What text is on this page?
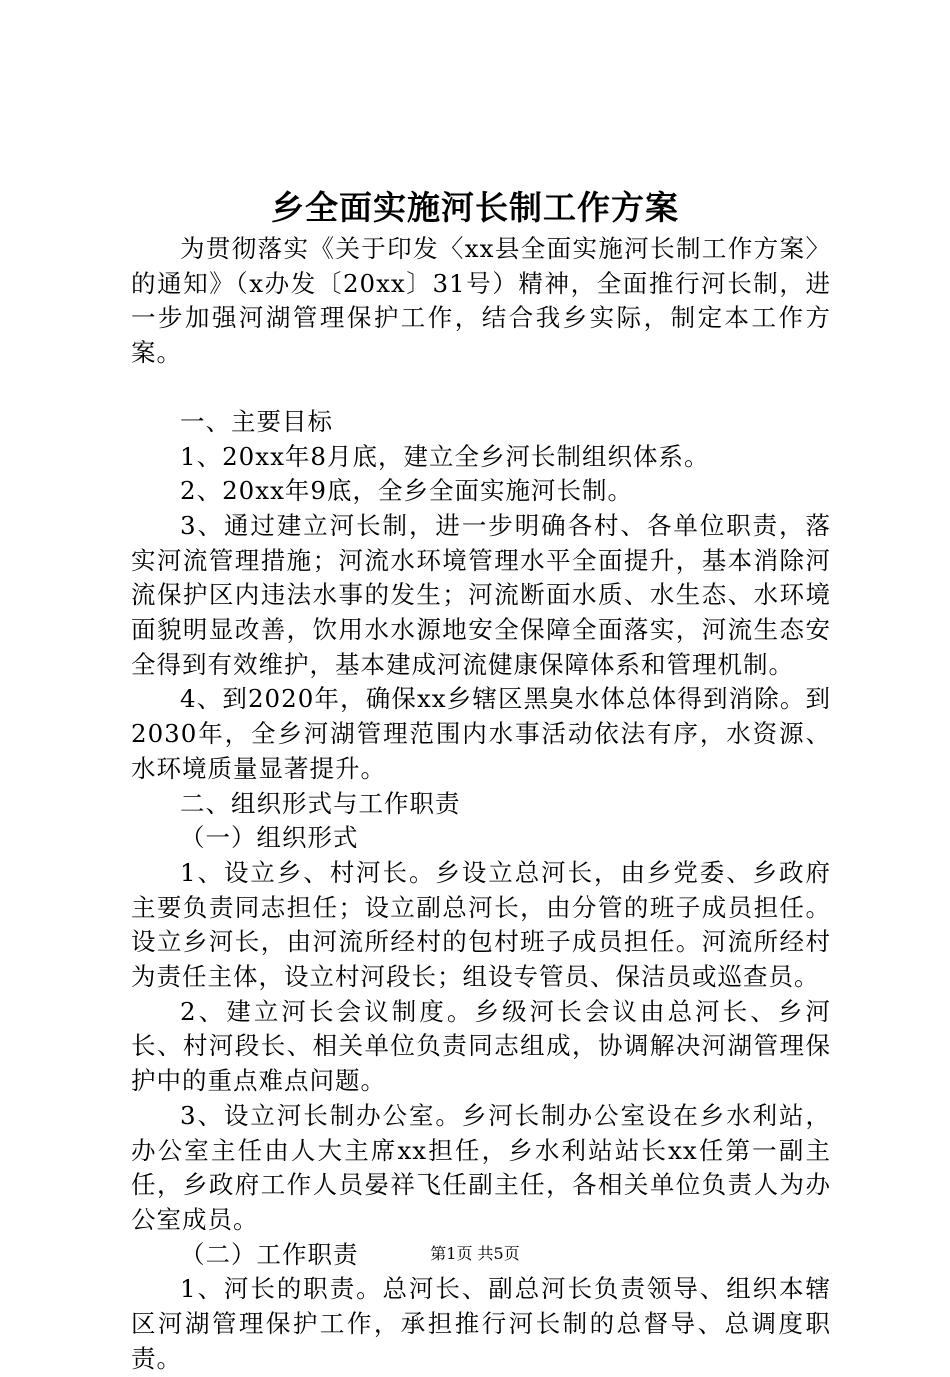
乡全面实施河长制工作方案

为贯彻落实《关于印发〈xx县全面实施河长制工作方案〉的通知》（x办发〔20xx〕31号）精神，全面推行河长制，进一步加强河湖管理保护工作，结合我乡实际，制定本工作方案。

一、主要目标

1、20xx年8月底，建立全乡河长制组织体系。

2、20xx年9底，全乡全面实施河长制。

3、通过建立河长制，进一步明确各村、各单位职责，落实河流管理措施；河流水环境管理水平全面提升，基本消除河流保护区内违法水事的发生；河流断面水质、水生态、水环境面貌明显改善，饮用水水源地安全保障全面落实，河流生态安全得到有效维护，基本建成河流健康保障体系和管理机制。

4、到2020年，确保xx乡辖区黑臭水体总体得到消除。到2030年，全乡河湖管理范围内水事活动依法有序，水资源、水环境质量显著提升。

二、组织形式与工作职责

（一）组织形式

1、设立乡、村河长。乡设立总河长，由乡党委、乡政府主要负责同志担任；设立副总河长，由分管的班子成员担任。设立乡河长，由河流所经村的包村班子成员担任。河流所经村为责任主体，设立村河段长；组设专管员、保洁员或巡查员。

2、建立河长会议制度。乡级河长会议由总河长、乡河长、村河段长、相关单位负责同志组成，协调解决河湖管理保护中的重点难点问题。

3、设立河长制办公室。乡河长制办公室设在乡水利站，办公室主任由人大主席xx担任，乡水利站站长xx任第一副主任，乡政府工作人员晏祥飞任副主任，各相关单位负责人为办公室成员。

（二）工作职责

1、河长的职责。总河长、副总河长负责领导、组织本辖区河湖管理保护工作，承担推行河长制的总督导、总调度职责。

第1页 共5页
